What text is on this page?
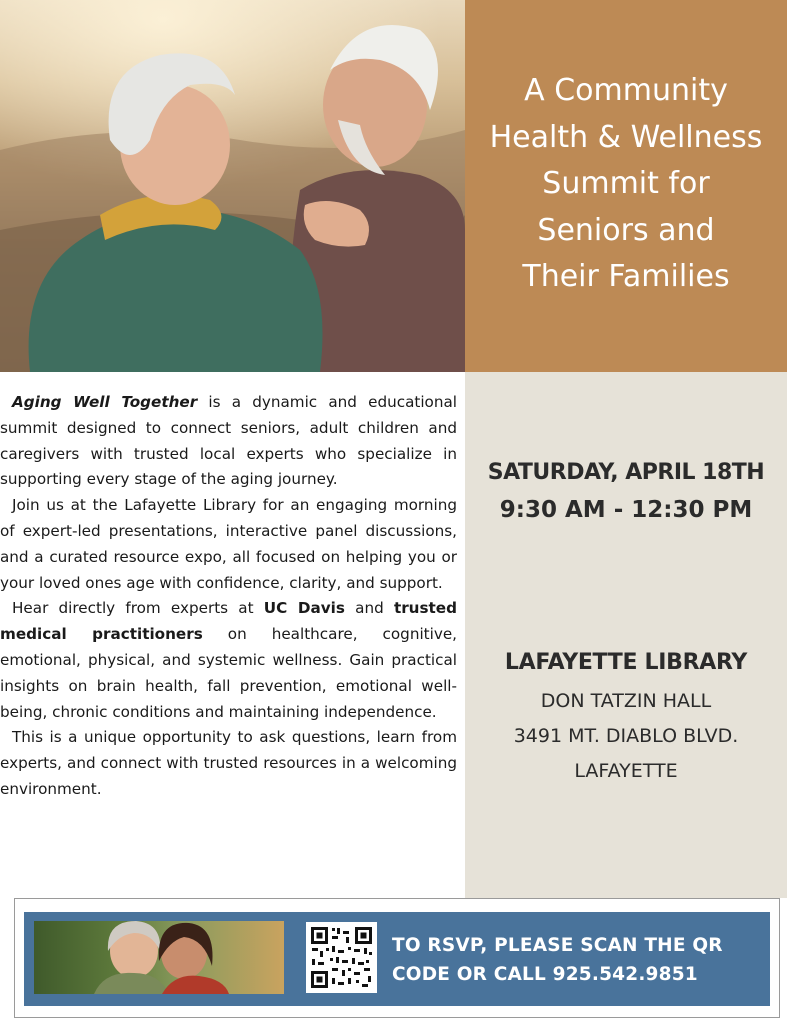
A Community
Health & Wellness
Summit for
Seniors and
Their Families

Aging Well Together is a dynamic and educational summit designed to connect seniors, adult children and caregivers with trusted local experts who specialize in supporting every stage of the aging journey.

Join us at the Lafayette Library for an engaging morning of expert-led presentations, interactive panel discussions, and a curated resource expo, all focused on helping you or your loved ones age with confidence, clarity, and support.

Hear directly from experts at UC Davis and trusted medical practitioners on healthcare, cognitive, emotional, physical, and systemic wellness. Gain practical insights on brain health, fall prevention, emotional well-being, chronic conditions and maintaining independence.

This is a unique opportunity to ask questions, learn from experts, and connect with trusted resources in a welcoming environment.

SATURDAY, APRIL 18TH
9:30 AM - 12:30 PM
LAFAYETTE LIBRARY
DON TATZIN HALL
3491 MT. DIABLO BLVD.
LAFAYETTE
TO RSVP, PLEASE SCAN THE QR
CODE OR CALL 925.542.9851
